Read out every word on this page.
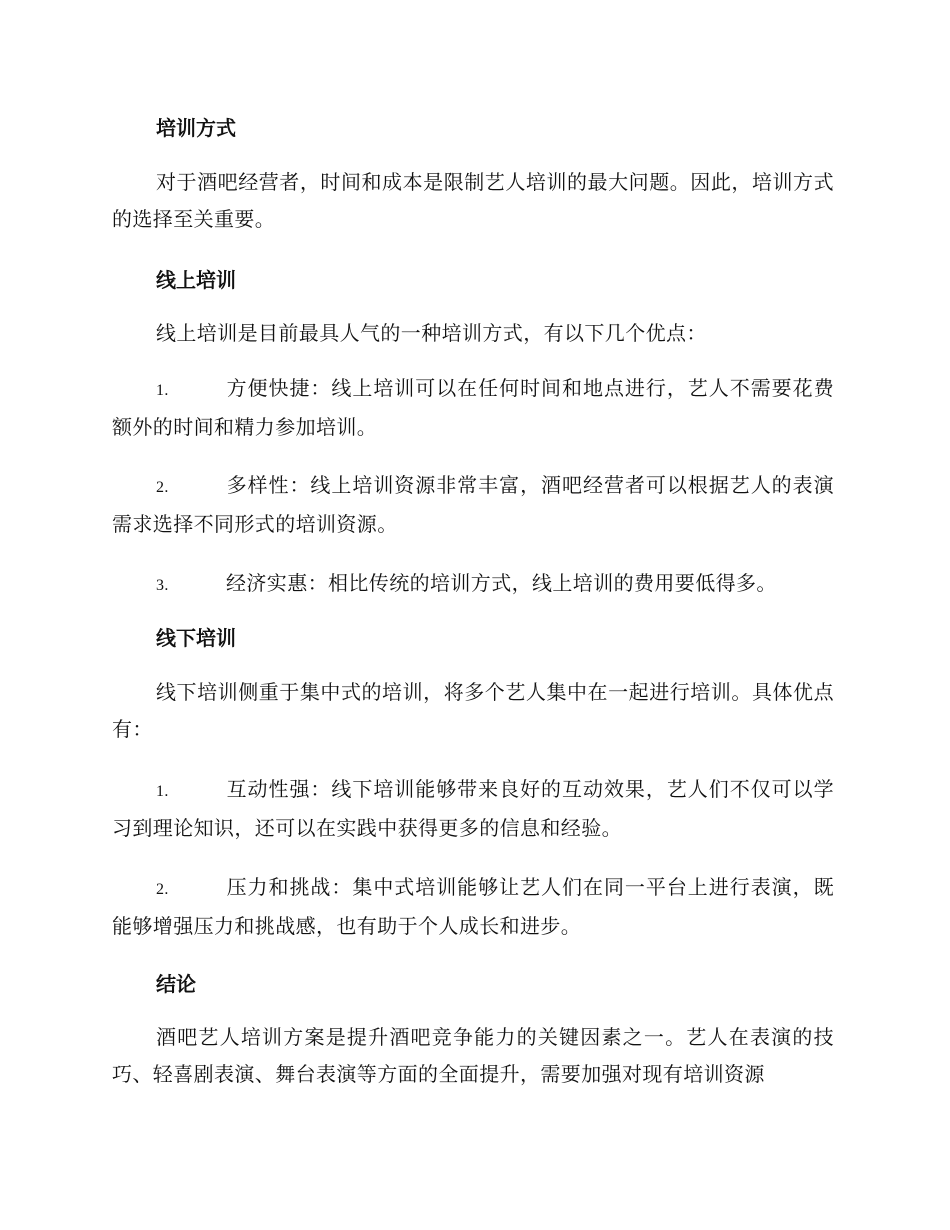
培训方式

对于酒吧经营者，时间和成本是限制艺人培训的最大问题。因此，培训方式的选择至关重要。

线上培训

线上培训是目前最具人气的一种培训方式，有以下几个优点：

1.	方便快捷：线上培训可以在任何时间和地点进行，艺人不需要花费额外的时间和精力参加培训。

2.	多样性：线上培训资源非常丰富，酒吧经营者可以根据艺人的表演需求选择不同形式的培训资源。

3.	经济实惠：相比传统的培训方式，线上培训的费用要低得多。

线下培训

线下培训侧重于集中式的培训，将多个艺人集中在一起进行培训。具体优点有：

1.	互动性强：线下培训能够带来良好的互动效果，艺人们不仅可以学习到理论知识，还可以在实践中获得更多的信息和经验。

2.	压力和挑战：集中式培训能够让艺人们在同一平台上进行表演，既能够增强压力和挑战感，也有助于个人成长和进步。

结论

酒吧艺人培训方案是提升酒吧竞争能力的关键因素之一。艺人在表演的技巧、轻喜剧表演、舞台表演等方面的全面提升，需要加强对现有培训资源
